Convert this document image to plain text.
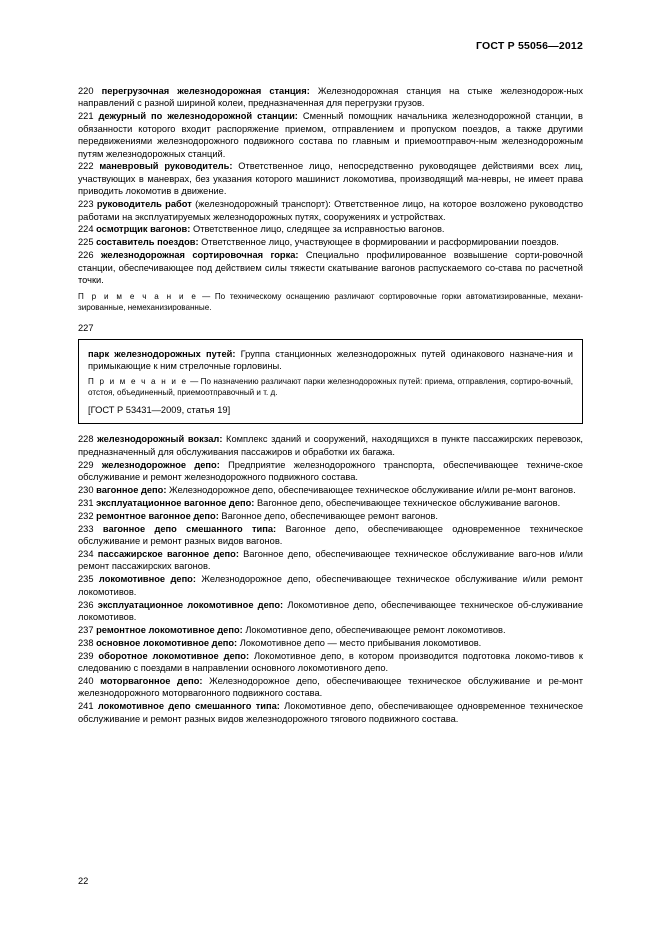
ГОСТ Р 55056—2012

220 перегрузочная железнодорожная станция: Железнодорожная станция на стыке железнодорож-ных направлений с разной шириной колеи, предназначенная для перегрузки грузов.

221 дежурный по железнодорожной станции: Сменный помощник начальника железнодорожной станции, в обязанности которого входит распоряжение приемом, отправлением и пропуском поездов, а также другими передвижениями железнодорожного подвижного состава по главным и приемоотправоч-ным железнодорожным путям железнодорожных станций.

222 маневровый руководитель: Ответственное лицо, непосредственно руководящее действиями всех лиц, участвующих в маневрах, без указания которого машинист локомотива, производящий ма-невры, не имеет права приводить локомотив в движение.

223 руководитель работ (железнодорожный транспорт): Ответственное лицо, на которое возложено руководство работами на эксплуатируемых железнодорожных путях, сооружениях и устройствах.

224 осмотрщик вагонов: Ответственное лицо, следящее за исправностью вагонов.

225 составитель поездов: Ответственное лицо, участвующее в формировании и расформировании поездов.

226 железнодорожная сортировочная горка: Специально профилированное возвышение сорти-ровочной станции, обеспечивающее под действием силы тяжести скатывание вагонов распускаемого со-става по расчетной точки.

П р и м е ч а н и е — По техническому оснащению различают сортировочные горки автоматизированные, механи-зированные, немеханизированные.

227

парк железнодорожных путей: Группа станционных железнодорожных путей одинакового назначе-ния и примыкающие к ним стрелочные горловины.

П р и м е ч а н и е — По назначению различают парки железнодорожных путей: приема, отправления, сортиро-вочный, отстоя, объединенный, приемоотправочный и т. д.

[ГОСТ Р 53431—2009, статья 19]

228 железнодорожный вокзал: Комплекс зданий и сооружений, находящихся в пункте пассажирских перевозок, предназначенный для обслуживания пассажиров и обработки их багажа.

229 железнодорожное депо: Предприятие железнодорожного транспорта, обеспечивающее техниче-ское обслуживание и ремонт железнодорожного подвижного состава.

230 вагонное депо: Железнодорожное депо, обеспечивающее техническое обслуживание и/или ре-монт вагонов.

231 эксплуатационное вагонное депо: Вагонное депо, обеспечивающее техническое обслуживание вагонов.

232 ремонтное вагонное депо: Вагонное депо, обеспечивающее ремонт вагонов.

233 вагонное депо смешанного типа: Вагонное депо, обеспечивающее одновременное техническое обслуживание и ремонт разных видов вагонов.

234 пассажирское вагонное депо: Вагонное депо, обеспечивающее техническое обслуживание ваго-нов и/или ремонт пассажирских вагонов.

235 локомотивное депо: Железнодорожное депо, обеспечивающее техническое обслуживание и/или ремонт локомотивов.

236 эксплуатационное локомотивное депо: Локомотивное депо, обеспечивающее техническое об-служивание локомотивов.

237 ремонтное локомотивное депо: Локомотивное депо, обеспечивающее ремонт локомотивов.

238 основное локомотивное депо: Локомотивное депо — место прибывания локомотивов.

239 оборотное локомотивное депо: Локомотивное депо, в котором производится подготовка локомо-тивов к следованию с поездами в направлении основного локомотивного депо.

240 моторвагонное депо: Железнодорожное депо, обеспечивающее техническое обслуживание и ре-монт железнодорожного моторвагонного подвижного состава.

241 локомотивное депо смешанного типа: Локомотивное депо, обеспечивающее одновременное техническое обслуживание и ремонт разных видов железнодорожного тягового подвижного состава.

22
